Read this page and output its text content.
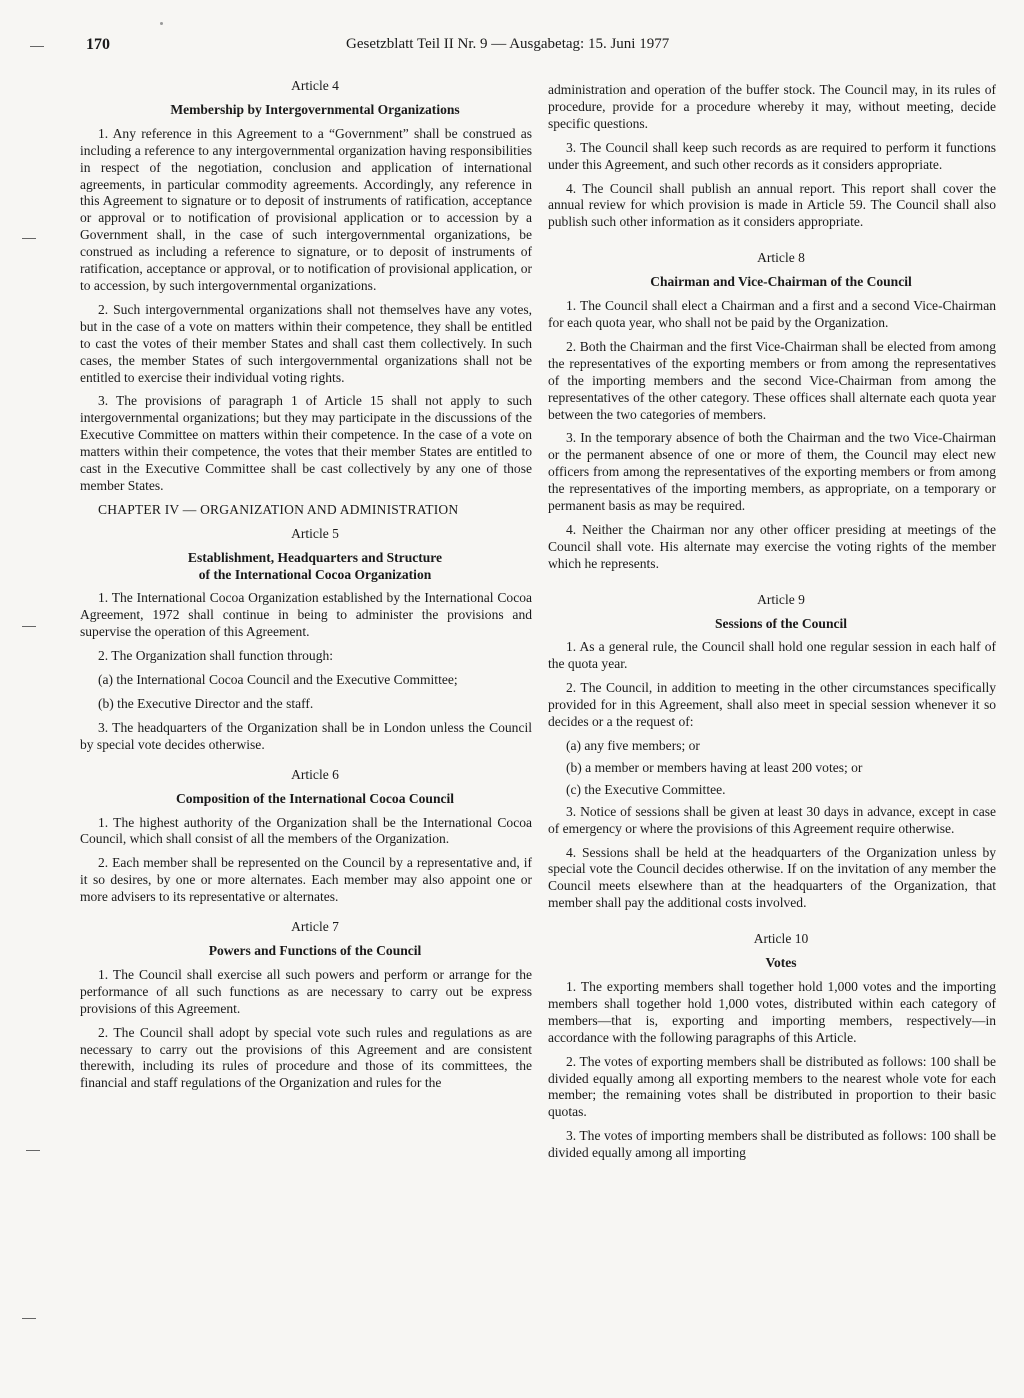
170	Gesetzblatt Teil II Nr. 9 — Ausgabetag: 15. Juni 1977

Article 4

Membership by Intergovernmental Organizations

1. Any reference in this Agreement to a “Government” shall be construed as including a reference to any intergovernmental organization having responsibilities in respect of the negotiation, conclusion and application of international agreements, in particular commodity agreements. Accordingly, any reference in this Agreement to signature or to deposit of instruments of ratification, acceptance or approval or to notification of provisional application or to accession by a Government shall, in the case of such intergovernmental organizations, be construed as including a reference to signature, or to deposit of instruments of ratification, acceptance or approval, or to notification of provisional application, or to accession, by such intergovernmental organizations.

2. Such intergovernmental organizations shall not themselves have any votes, but in the case of a vote on matters within their competence, they shall be entitled to cast the votes of their member States and shall cast them collectively. In such cases, the member States of such intergovernmental organizations shall not be entitled to exercise their individual voting rights.

3. The provisions of paragraph 1 of Article 15 shall not apply to such intergovernmental organizations; but they may participate in the discussions of the Executive Committee on matters within their competence. In the case of a vote on matters within their competence, the votes that their member States are entitled to cast in the Executive Committee shall be cast collectively by any one of those member States.

CHAPTER IV — ORGANIZATION AND ADMINISTRATION

Article 5

Establishment, Headquarters and Structure

of the International Cocoa Organization

1. The International Cocoa Organization established by the International Cocoa Agreement, 1972 shall continue in being to administer the provisions and supervise the operation of this Agreement.

2. The Organization shall function through:

(a) the International Cocoa Council and the Executive Committee;

(b) the Executive Director and the staff.

3. The headquarters of the Organization shall be in London unless the Council by special vote decides otherwise.

Article 6

Composition of the International Cocoa Council

1. The highest authority of the Organization shall be the International Cocoa Council, which shall consist of all the members of the Organization.

2. Each member shall be represented on the Council by a representative and, if it so desires, by one or more alternates. Each member may also appoint one or more advisers to its representative or alternates.

Article 7

Powers and Functions of the Council

1. The Council shall exercise all such powers and perform or arrange for the performance of all such functions as are necessary to carry out be express provisions of this Agreement.

2. The Council shall adopt by special vote such rules and regulations as are necessary to carry out the provisions of this Agreement and are consistent therewith, including its rules of procedure and those of its committees, the financial and staff regulations of the Organization and rules for the

administration and operation of the buffer stock. The Council may, in its rules of procedure, provide for a procedure whereby it may, without meeting, decide specific questions.

3. The Council shall keep such records as are required to perform it functions under this Agreement, and such other records as it considers appropriate.

4. The Council shall publish an annual report. This report shall cover the annual review for which provision is made in Article 59. The Council shall also publish such other information as it considers appropriate.

Article 8

Chairman and Vice-Chairman of the Council

1. The Council shall elect a Chairman and a first and a second Vice-Chairman for each quota year, who shall not be paid by the Organization.

2. Both the Chairman and the first Vice-Chairman shall be elected from among the representatives of the exporting members or from among the representatives of the importing members and the second Vice-Chairman from among the representatives of the other category. These offices shall alternate each quota year between the two categories of members.

3. In the temporary absence of both the Chairman and the two Vice-Chairman or the permanent absence of one or more of them, the Council may elect new officers from among the representatives of the exporting members or from among the representatives of the importing members, as appropriate, on a temporary or permanent basis as may be required.

4. Neither the Chairman nor any other officer presiding at meetings of the Council shall vote. His alternate may exercise the voting rights of the member which he represents.

Article 9

Sessions of the Council

1. As a general rule, the Council shall hold one regular session in each half of the quota year.

2. The Council, in addition to meeting in the other circumstances specifically provided for in this Agreement, shall also meet in special session whenever it so decides or a the request of:

(a) any five members; or

(b) a member or members having at least 200 votes; or

(c) the Executive Committee.

3. Notice of sessions shall be given at least 30 days in advance, except in case of emergency or where the provisions of this Agreement require otherwise.

4. Sessions shall be held at the headquarters of the Organization unless by special vote the Council decides otherwise. If on the invitation of any member the Council meets elsewhere than at the headquarters of the Organization, that member shall pay the additional costs involved.

Article 10

Votes

1. The exporting members shall together hold 1,000 votes and the importing members shall together hold 1,000 votes, distributed within each category of members—that is, exporting and importing members, respectively—in accordance with the following paragraphs of this Article.

2. The votes of exporting members shall be distributed as follows: 100 shall be divided equally among all exporting members to the nearest whole vote for each member; the remaining votes shall be distributed in proportion to their basic quotas.

3. The votes of importing members shall be distributed as follows: 100 shall be divided equally among all importing
